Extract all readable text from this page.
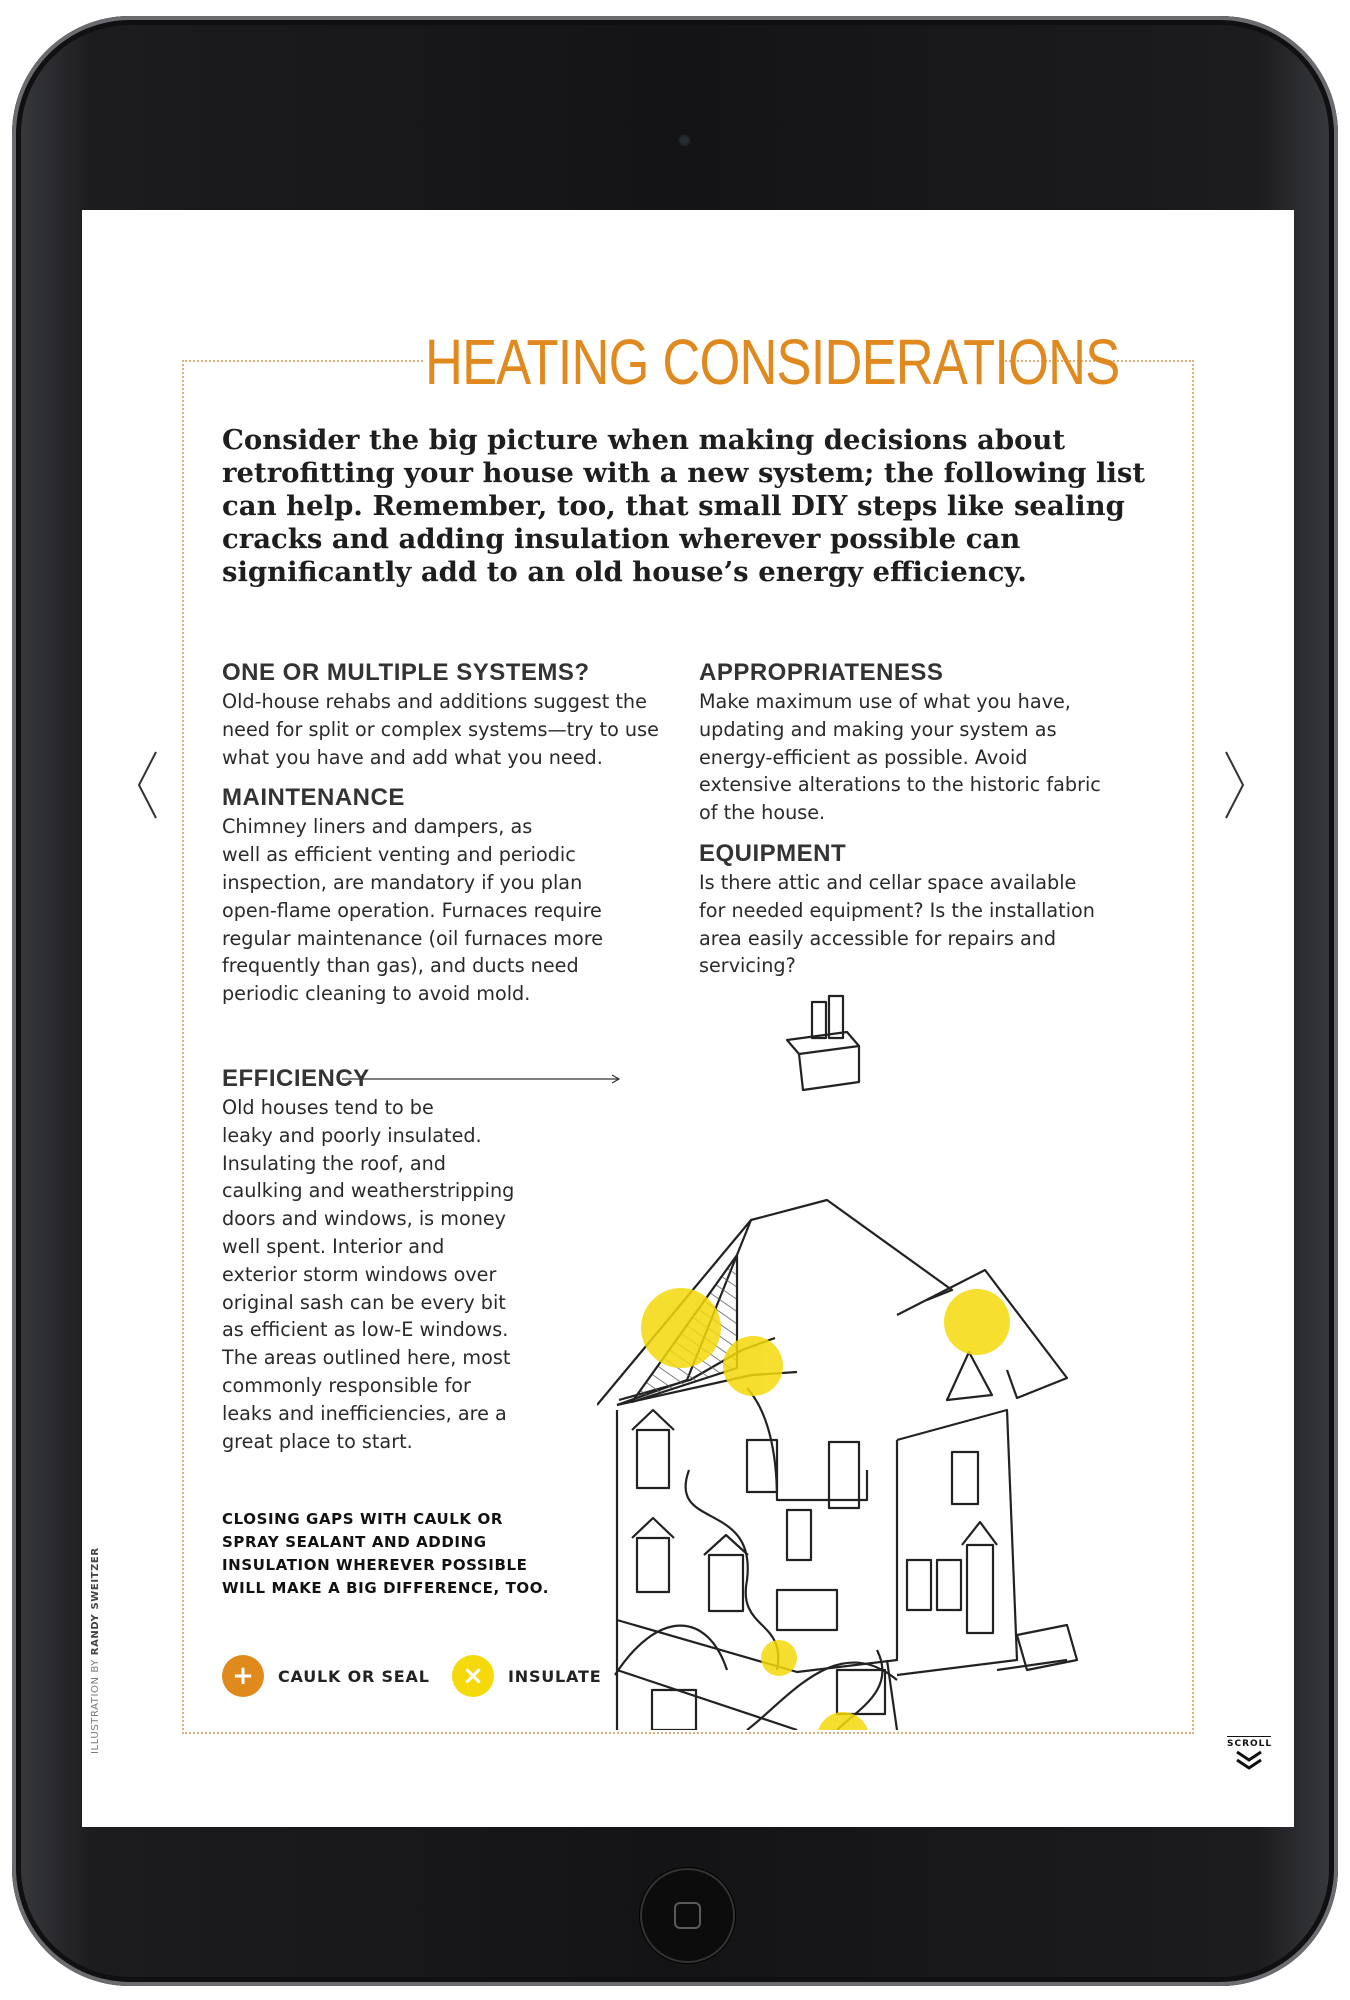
HEATING CONSIDERATIONS
Consider the big picture when making decisions about retrofitting your house with a new system; the following list can help. Remember, too, that small DIY steps like sealing cracks and adding insulation wherever possible can significantly add to an old house’s energy efficiency.
ONE OR MULTIPLE SYSTEMS?

Old-house rehabs and additions suggest the
need for split or complex systems—try to use
what you have and add what you need.

MAINTENANCE

Chimney liners and dampers, as
well as efficient venting and periodic
inspection, are mandatory if you plan
open-flame operation. Furnaces require
regular maintenance (oil furnaces more
frequently than gas), and ducts need
periodic cleaning to avoid mold.

APPROPRIATENESS

Make maximum use of what you have,
updating and making your system as
energy-efficient as possible. Avoid
extensive alterations to the historic fabric
of the house.

EQUIPMENT

Is there attic and cellar space available
for needed equipment? Is the installation
area easily accessible for repairs and
servicing?

EFFICIENCY

Old houses tend to be
leaky and poorly insulated.
Insulating the roof, and
caulking and weatherstripping
doors and windows, is money
well spent. Interior and
exterior storm windows over
original sash can be every bit
as efficient as low-E windows.
The areas outlined here, most
commonly responsible for
leaks and inefficiencies, are a
great place to start.

CLOSING GAPS WITH CAULK OR
SPRAY SEALANT AND ADDING
INSULATION WHEREVER POSSIBLE
WILL MAKE A BIG DIFFERENCE, TOO.
+	CAULK OR SEAL	×	INSULATE
ILLUSTRATION BY RANDY SWEITZER
SCROLL
